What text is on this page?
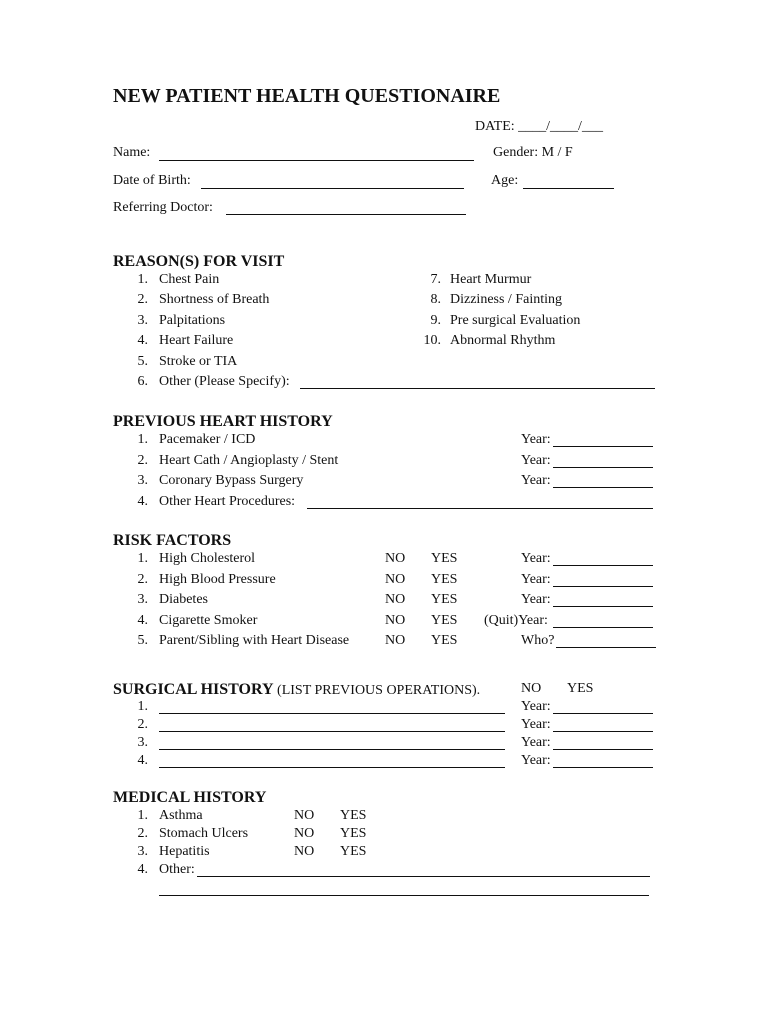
NEW PATIENT HEALTH QUESTIONAIRE
DATE: ____/____/___
Name:	Gender: M / F
Date of Birth:	Age:
Referring Doctor:
REASON(S) FOR VISIT
1. Chest Pain
2. Shortness of Breath
3. Palpitations
4. Heart Failure
5. Stroke or TIA
6. Other (Please Specify):
7. Heart Murmur
8. Dizziness / Fainting
9. Pre surgical Evaluation
10. Abnormal Rhythm
PREVIOUS HEART HISTORY
1. Pacemaker / ICD	Year:
2. Heart Cath / Angioplasty / Stent	Year:
3. Coronary Bypass Surgery	Year:
4. Other Heart Procedures:
RISK FACTORS
1. High Cholesterol	NO YES	Year:
2. High Blood Pressure	NO YES	Year:
3. Diabetes	NO YES	Year:
4. Cigarette Smoker	NO YES (Quit)Year:
5. Parent/Sibling with Heart Disease	NO YES	Who?
SURGICAL HISTORY (LIST PREVIOUS OPERATIONS).	NO YES
1.	Year:
2.	Year:
3.	Year:
4.	Year:
MEDICAL HISTORY
1. Asthma	NO YES
2. Stomach Ulcers	NO YES
3. Hepatitis	NO YES
4. Other:
